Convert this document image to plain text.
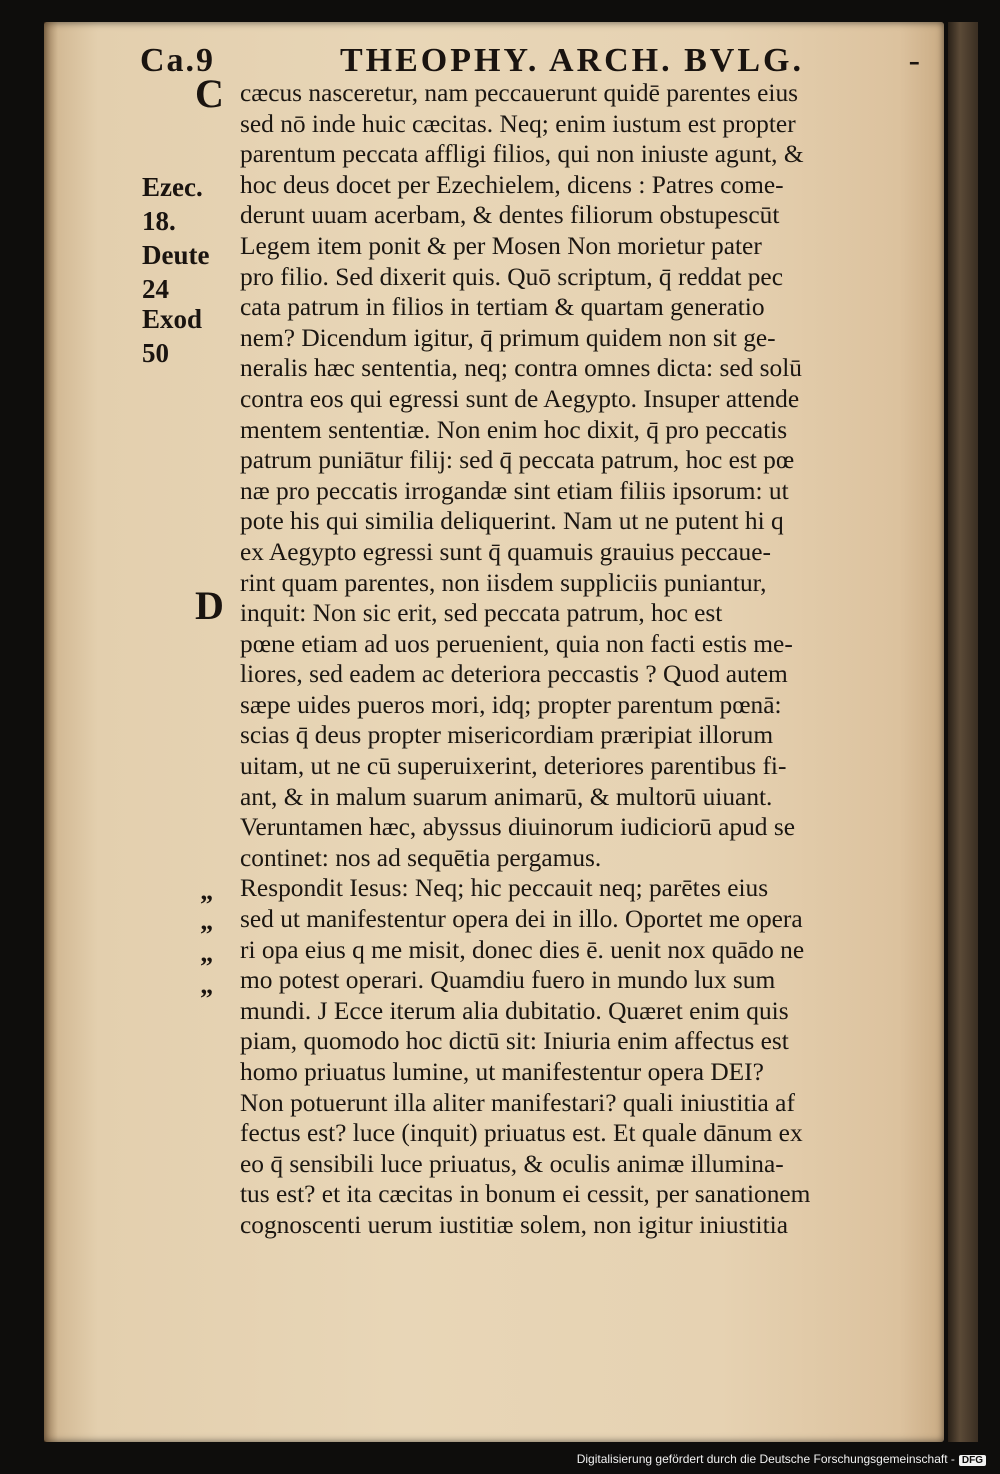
Ca.9	THEOPHY. ARCH. BVLG.	-
C
D
Ezec.
18.
Deute
24
Exod
50
”
”
”
”
cæcus nasceretur, nam peccauerunt quidē parentes eius
sed nō inde huic cæcitas. Neq; enim iustum est propter
parentum peccata affligi filios, qui non iniuste agunt, &
hoc deus docet per Ezechielem, dicens : Patres come-
derunt uuam acerbam, & dentes filiorum obstupescūt
Legem item ponit & per Mosen Non morietur pater
pro filio. Sed dixerit quis. Quō scriptum, q̄ reddat pec
cata patrum in filios in tertiam & quartam generatio
nem? Dicendum igitur, q̄ primum quidem non sit ge-
neralis hæc sententia, neq; contra omnes dicta: sed solū
contra eos qui egressi sunt de Aegypto. Insuper attende
mentem sententiæ. Non enim hoc dixit, q̄ pro peccatis
patrum puniātur filij: sed q̄ peccata patrum, hoc est pœ
næ pro peccatis irrogandæ sint etiam filiis ipsorum: ut
pote his qui similia deliquerint. Nam ut ne putent hi q
ex Aegypto egressi sunt q̄ quamuis grauius peccaue-
rint quam parentes, non iisdem suppliciis puniantur,
inquit: Non sic erit, sed peccata patrum, hoc est
pœne etiam ad uos peruenient, quia non facti estis me-
liores, sed eadem ac deteriora peccastis ? Quod autem
sæpe uides pueros mori, idq; propter parentum pœnā:
scias q̄ deus propter misericordiam præripiat illorum
uitam, ut ne cū superuixerint, deteriores parentibus fi-
ant, & in malum suarum animarū, & multorū uiuant.
Veruntamen hæc, abyssus diuinorum iudiciorū apud se
continet: nos ad sequētia pergamus.
Respondit Iesus: Neq; hic peccauit neq; parētes eius
sed ut manifestentur opera dei in illo. Oportet me opera
ri opa eius q me misit, donec dies ē. uenit nox quādo ne
mo potest operari. Quamdiu fuero in mundo lux sum
mundi. J Ecce iterum alia dubitatio. Quæret enim quis
piam, quomodo hoc dictū sit: Iniuria enim affectus est
homo priuatus lumine, ut manifestentur opera DEI?
Non potuerunt illa aliter manifestari? quali iniustitia af
fectus est? luce (inquit) priuatus est. Et quale dānum ex
eo q̄ sensibili luce priuatus, & oculis animæ illumina-
tus est? et ita cæcitas in bonum ei cessit, per sanationem
cognoscenti uerum iustitiæ solem, non igitur iniustitia
Digitalisierung gefördert durch die Deutsche Forschungsgemeinschaft - DFG
